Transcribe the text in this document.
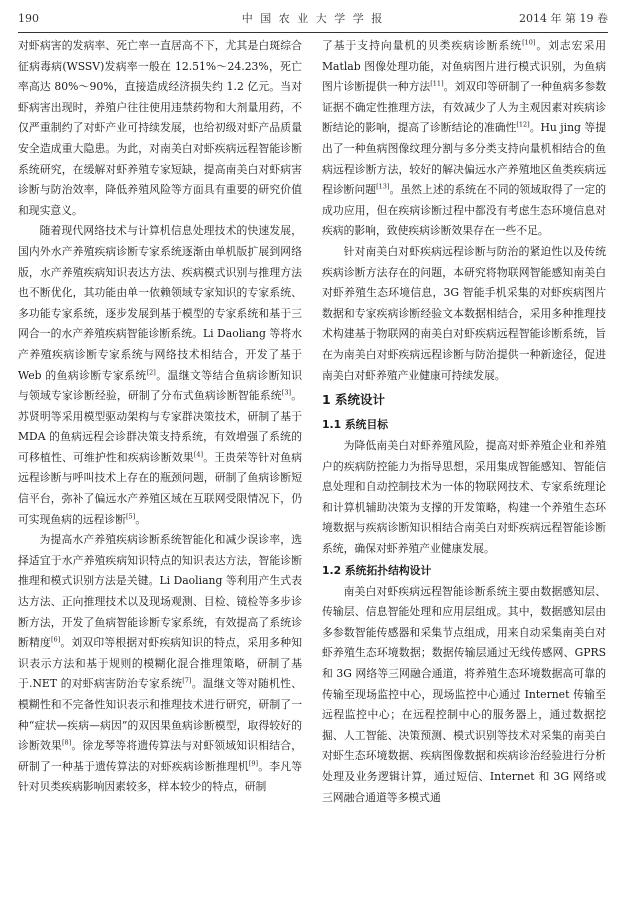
190	中 国 农 业 大 学 学 报	2014 年 第 19 卷

对虾病害的发病率、死亡率一直居高不下，尤其是白斑综合征病毒病(WSSV)发病率一般在 12.51%～24.23%，死亡率高达 80%～90%，直接造成经济损失约 1.2 亿元。当对虾病害出现时，养殖户往往使用违禁药物和大剂量用药，不仅严重制约了对虾产业可持续发展，也给初级对虾产品质量安全造成重大隐患。为此，对南美白对虾疾病远程智能诊断系统研究，在缓解对虾养殖专家短缺，提高南美白对虾病害诊断与防治效率，降低养殖风险等方面具有重要的研究价值和现实意义。

随着现代网络技术与计算机信息处理技术的快速发展，国内外水产养殖疾病诊断专家系统逐渐由单机版扩展到网络版，水产养殖疾病知识表达方法、疾病模式识别与推理方法也不断优化，其功能由单一依赖领域专家知识的专家系统、多功能专家系统，逐步发展到基于模型的专家系统和基于三网合一的水产养殖疾病智能诊断系统。Li Daoliang 等将水产养殖疾病诊断专家系统与网络技术相结合，开发了基于 Web 的鱼病诊断专家系统[2]。温继文等结合鱼病诊断知识与领域专家诊断经验，研制了分布式鱼病诊断智能系统[3]。苏贤明等采用模型驱动架构与专家群决策技术，研制了基于 MDA 的鱼病远程会诊群决策支持系统，有效增强了系统的可移植性、可维护性和疾病诊断效果[4]。王贵荣等针对鱼病远程诊断与呼叫技术上存在的瓶颈问题，研制了鱼病诊断短信平台，弥补了偏远水产养殖区域在互联网受限情况下，仍可实现鱼病的远程诊断[5]。

为提高水产养殖疾病诊断系统智能化和减少误诊率，选择适宜于水产养殖疾病知识特点的知识表达方法，智能诊断推理和模式识别方法是关键。Li Daoliang 等利用产生式表达方法、正向推理技术以及现场观测、目检、镜检等多步诊断方法，开发了鱼病智能诊断专家系统，有效提高了系统诊断精度[6]。刘双印等根据对虾疾病知识的特点，采用多种知识表示方法和基于规则的模糊化混合推理策略，研制了基于.NET 的对虾病害防治专家系统[7]。温继文等对随机性、模糊性和不完备性知识表示和推理技术进行研究，研制了一种“症状—疾病—病因”的双因果鱼病诊断模型，取得较好的诊断效果[8]。徐龙琴等将遗传算法与对虾领域知识相结合，研制了一种基于遗传算法的对虾疾病诊断推理机[9]。李凡等针对贝类疾病影响因素较多，样本较少的特点，研制

了基于支持向量机的贝类疾病诊断系统[10]。刘志宏采用 Matlab 图像处理功能，对鱼病图片进行模式识别，为鱼病图片诊断提供一种方法[11]。刘双印等研制了一种鱼病多参数证据不确定性推理方法，有效减少了人为主观因素对疾病诊断结论的影响，提高了诊断结论的准确性[12]。Hu jing 等提出了一种鱼病图像纹理分割与多分类支持向量机相结合的鱼病远程诊断方法，较好的解决偏远水产养殖地区鱼类疾病远程诊断问题[13]。虽然上述的系统在不同的领域取得了一定的成功应用，但在疾病诊断过程中都没有考虑生态环境信息对疾病的影响，致使疾病诊断效果存在一些不足。

针对南美白对虾疾病远程诊断与防治的紧迫性以及传统疾病诊断方法存在的问题，本研究将物联网智能感知南美白对虾养殖生态环境信息，3G 智能手机采集的对虾疾病图片数据和专家疾病诊断经验文本数据相结合，采用多种推理技术构建基于物联网的南美白对虾疾病远程智能诊断系统，旨在为南美白对虾疾病远程诊断与防治提供一种新途径，促进南美白对虾养殖产业健康可持续发展。

1 系统设计
1.1 系统目标

为降低南美白对虾养殖风险，提高对虾养殖企业和养殖户的疾病防控能力为指导思想，采用集成智能感知、智能信息处理和自动控制技术为一体的物联网技术、专家系统理论和计算机辅助决策为支撑的开发策略，构建一个养殖生态环境数据与疾病诊断知识相结合南美白对虾疾病远程智能诊断系统，确保对虾养殖产业健康发展。

1.2 系统拓扑结构设计

南美白对虾疾病远程智能诊断系统主要由数据感知层、传输层、信息智能处理和应用层组成。其中，数据感知层由多参数智能传感器和采集节点组成，用来自动采集南美白对虾养殖生态环境数据；数据传输层通过无线传感网、GPRS 和 3G 网络等三网融合通道，将养殖生态环境数据高可靠的传输至现场监控中心，现场监控中心通过 Internet 传输至远程监控中心；在远程控制中心的服务器上，通过数据挖掘、人工智能、决策预测、模式识别等技术对采集的南美白对虾生态环境数据、疾病图像数据和疾病诊治经验进行分析处理及业务逻辑计算，通过短信、Internet 和 3G 网络或三网融合通道等多模式通
